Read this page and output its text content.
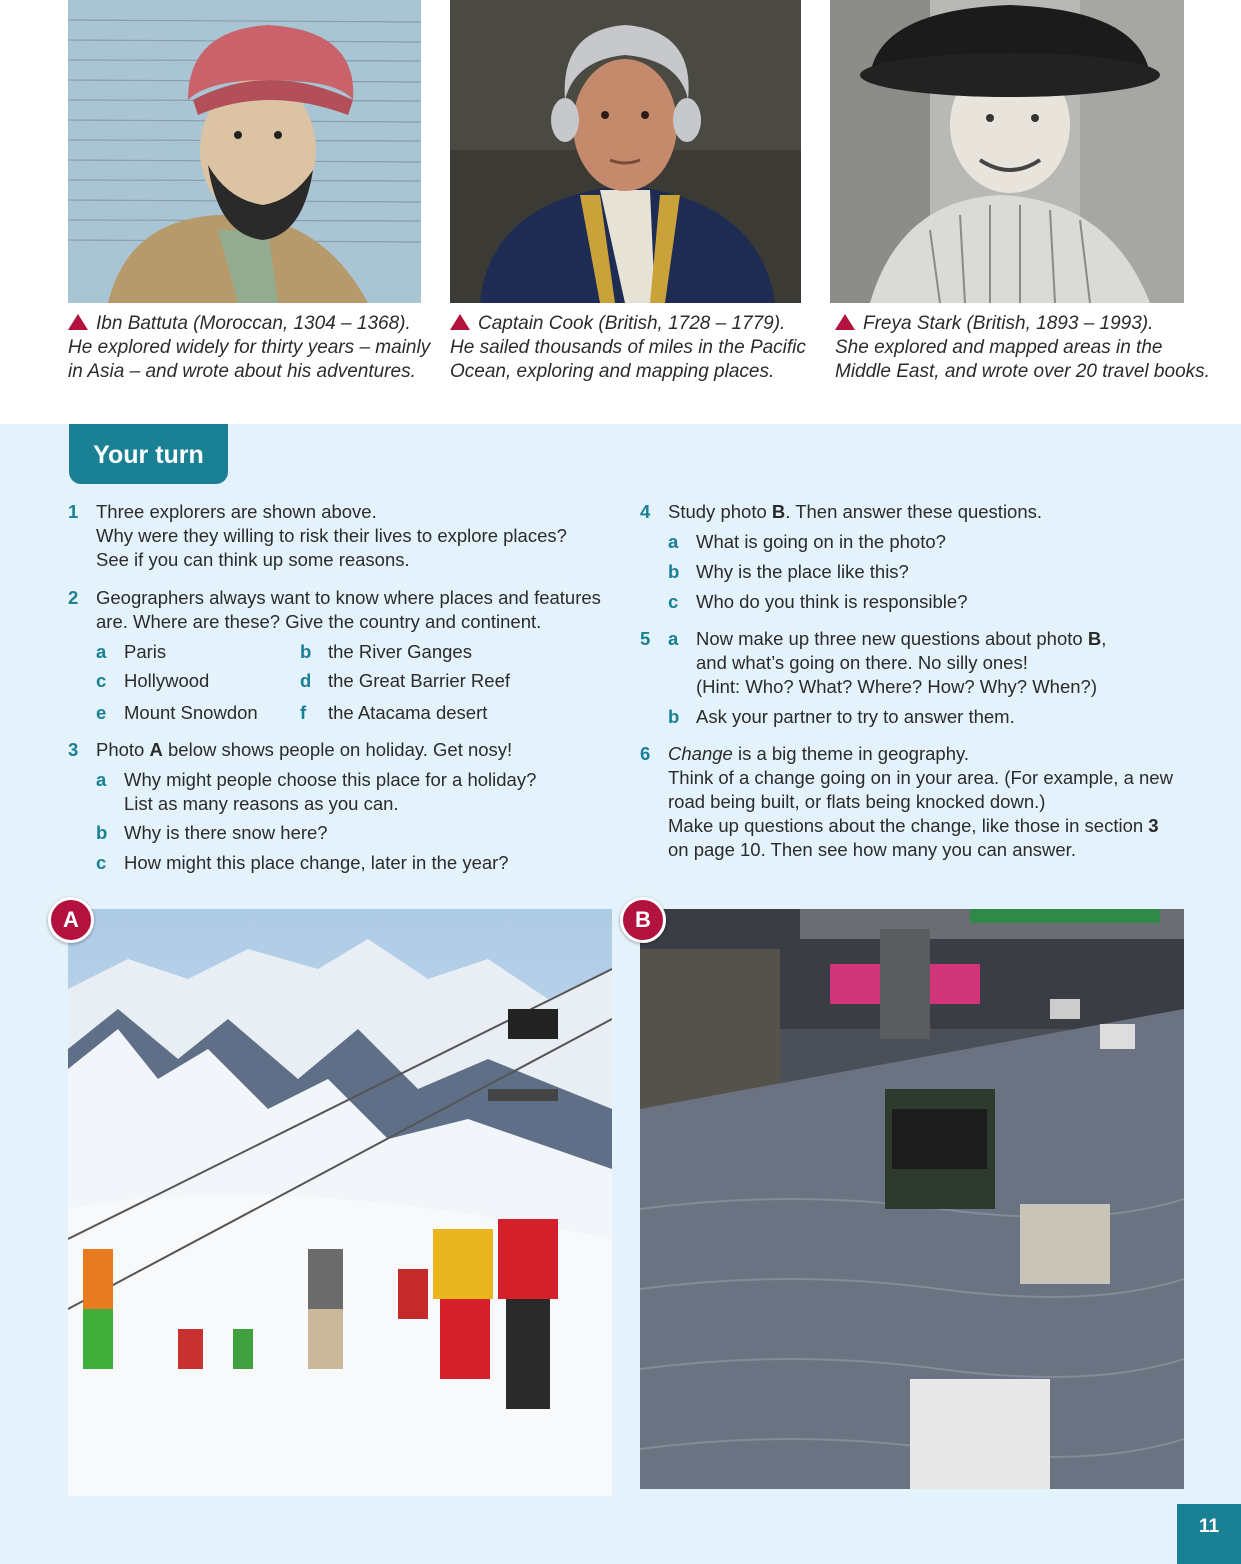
Ibn Battuta (Moroccan, 1304 – 1368).
He explored widely for thirty years – mainly
in Asia – and wrote about his adventures.
Captain Cook (British, 1728 – 1779).
He sailed thousands of miles in the Pacific
Ocean, exploring and mapping places.
Freya Stark (British, 1893 – 1993).
She explored and mapped areas in the
Middle East, and wrote over 20 travel books.
Your turn
1 Three explorers are shown above.
Why were they willing to risk their lives to explore places?
See if you can think up some reasons.
2 Geographers always want to know where places and features
are. Where are these? Give the country and continent.
a Paris	b the River Ganges
c Hollywood	d the Great Barrier Reef
e Mount Snowdon f the Atacama desert
3 Photo A below shows people on holiday. Get nosy!
a Why might people choose this place for a holiday?
List as many reasons as you can.
b Why is there snow here?
c How might this place change, later in the year?
4 Study photo B. Then answer these questions.
a What is going on in the photo?
b Why is the place like this?
c Who do you think is responsible?
5 a Now make up three new questions about photo B,
and what’s going on there. No silly ones!
(Hint: Who? What? Where? How? Why? When?)
b Ask your partner to try to answer them.
6 Change is a big theme in geography.
Think of a change going on in your area. (For example, a new
road being built, or flats being knocked down.)
Make up questions about the change, like those in section 3
on page 10. Then see how many you can answer.
A	B
11
